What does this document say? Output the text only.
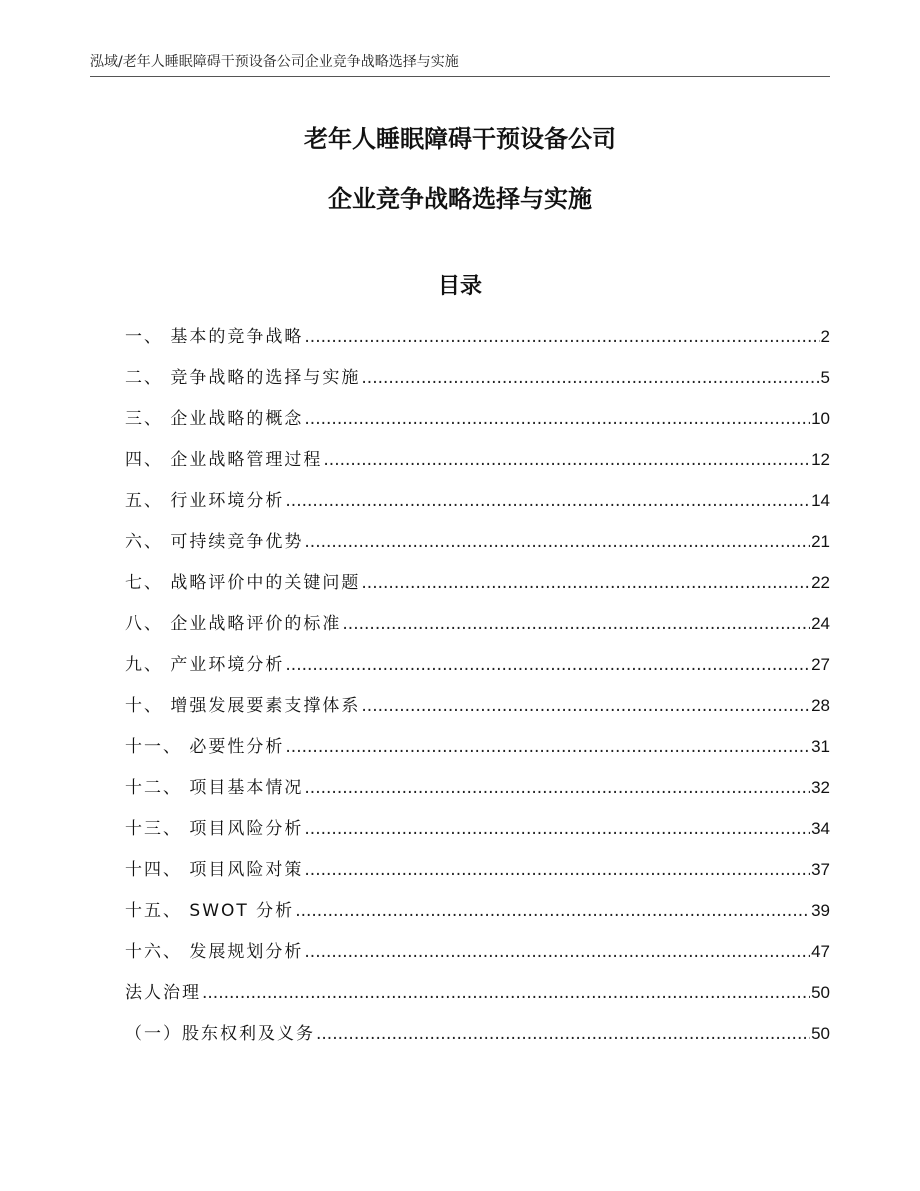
泓域/老年人睡眠障碍干预设备公司企业竞争战略选择与实施
老年人睡眠障碍干预设备公司
企业竞争战略选择与实施
目录
一、 基本的竞争战略 .....	2
二、 竞争战略的选择与实施 .....	5
三、 企业战略的概念 .....	10
四、 企业战略管理过程 .....	12
五、 行业环境分析 .....	14
六、 可持续竞争优势 .....	21
七、 战略评价中的关键问题 .....	22
八、 企业战略评价的标准 .....	24
九、 产业环境分析 .....	27
十、 增强发展要素支撑体系 .....	28
十一、 必要性分析 .....	31
十二、 项目基本情况 .....	32
十三、 项目风险分析 .....	34
十四、 项目风险对策 .....	37
十五、 SWOT 分析 .....	39
十六、 发展规划分析 .....	47
法人治理 .....	50
（一）股东权利及义务 .....	50
